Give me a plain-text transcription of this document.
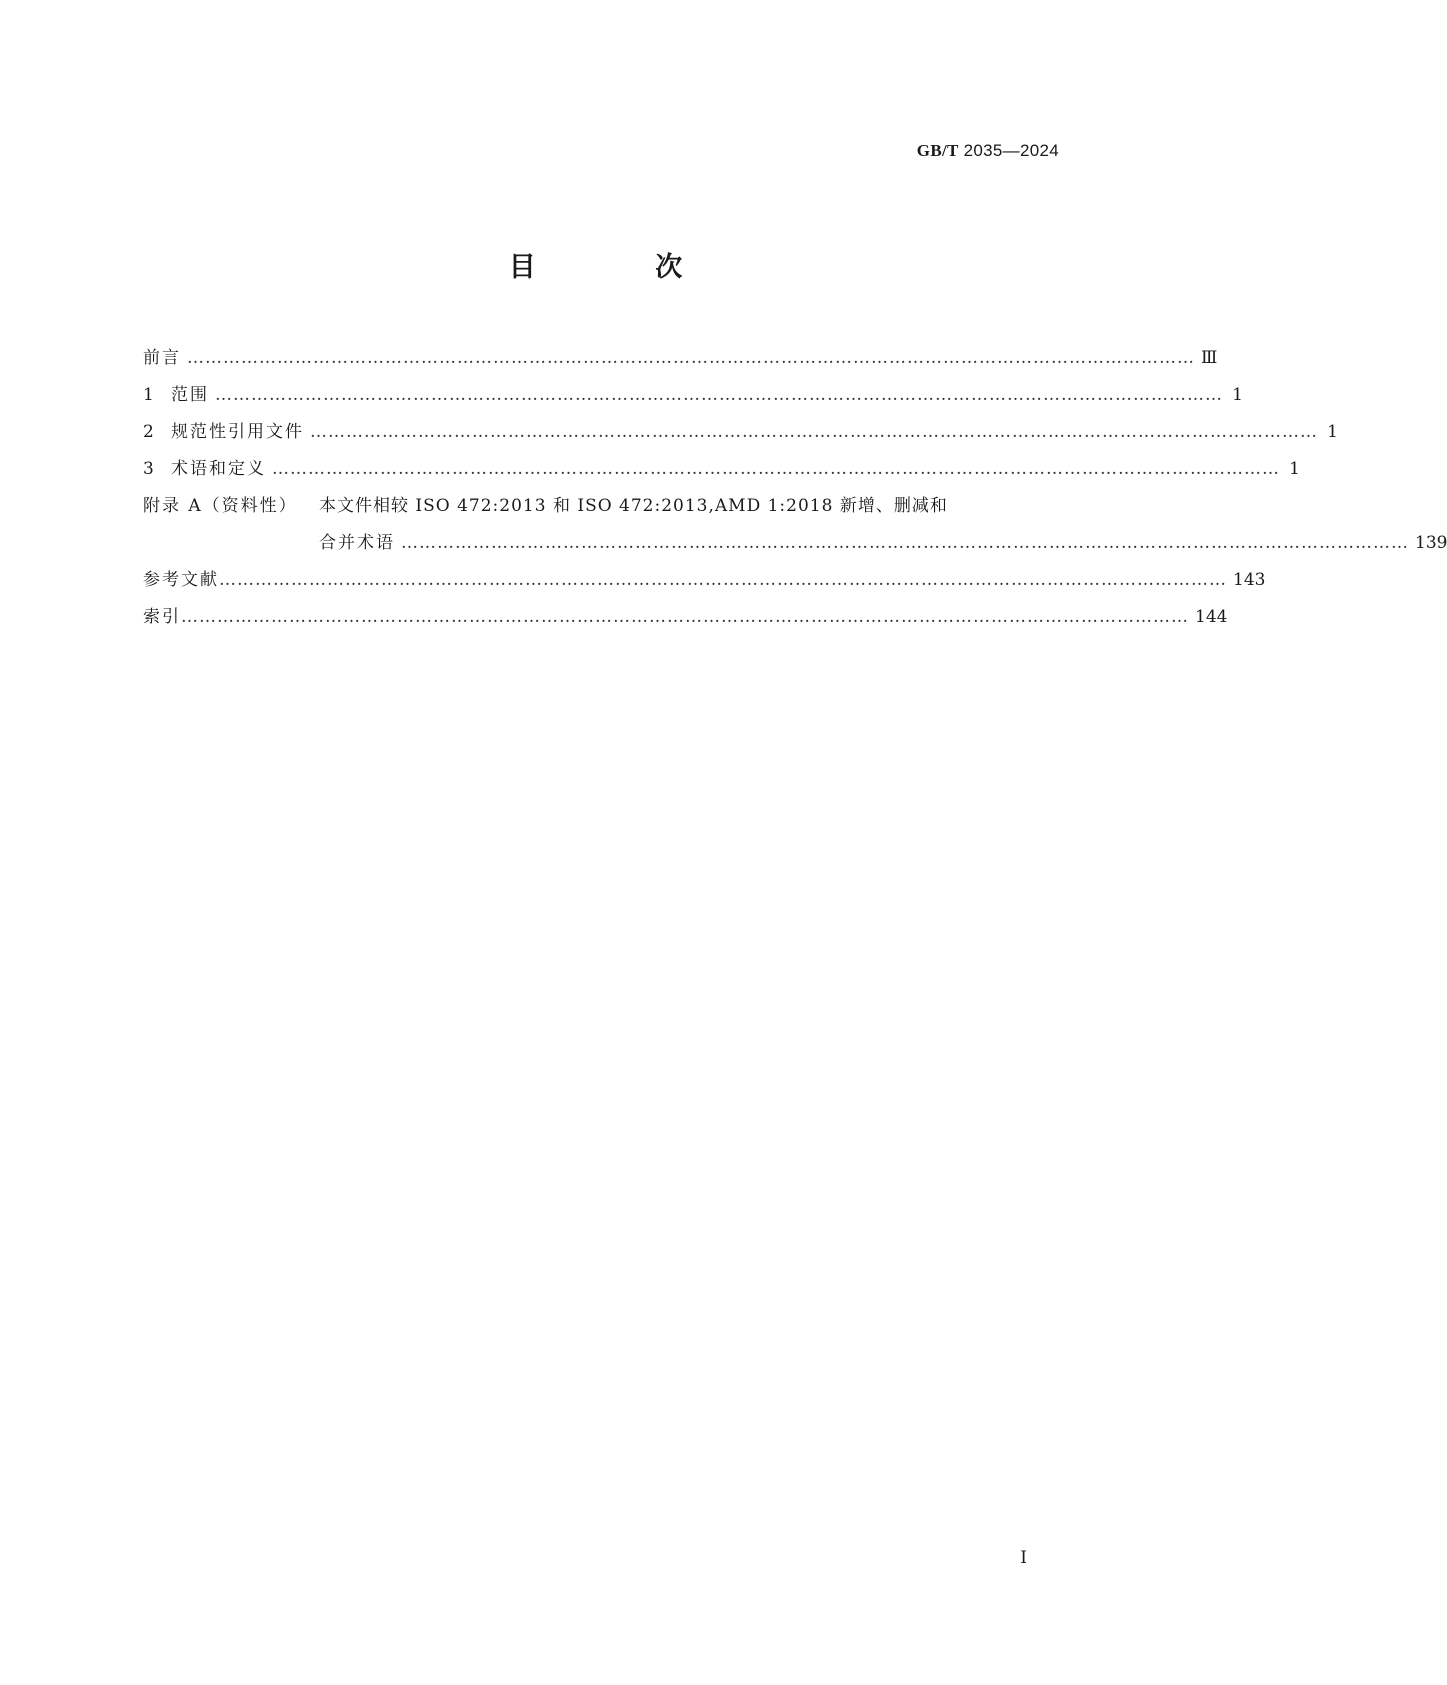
GB/T 2035—2024
目 次
前言 …………………………………………………………………………………………………………………………………………………… Ⅲ
1	范围 …………………………………………………………………………………………………………………………………………………… 1
2	规范性引用文件 …………………………………………………………………………………………………………………………………………………… 1
3	术语和定义 …………………………………………………………………………………………………………………………………………………… 1
附录 A（资料性）	本文件相较 ISO 472:2013 和 ISO 472:2013,AMD 1:2018 新增、删减和
合并术语 …………………………………………………………………………………………………………………………………………………… 139
参考文献 …………………………………………………………………………………………………………………………………………………… 143
索引 …………………………………………………………………………………………………………………………………………………… 144
Ⅰ
